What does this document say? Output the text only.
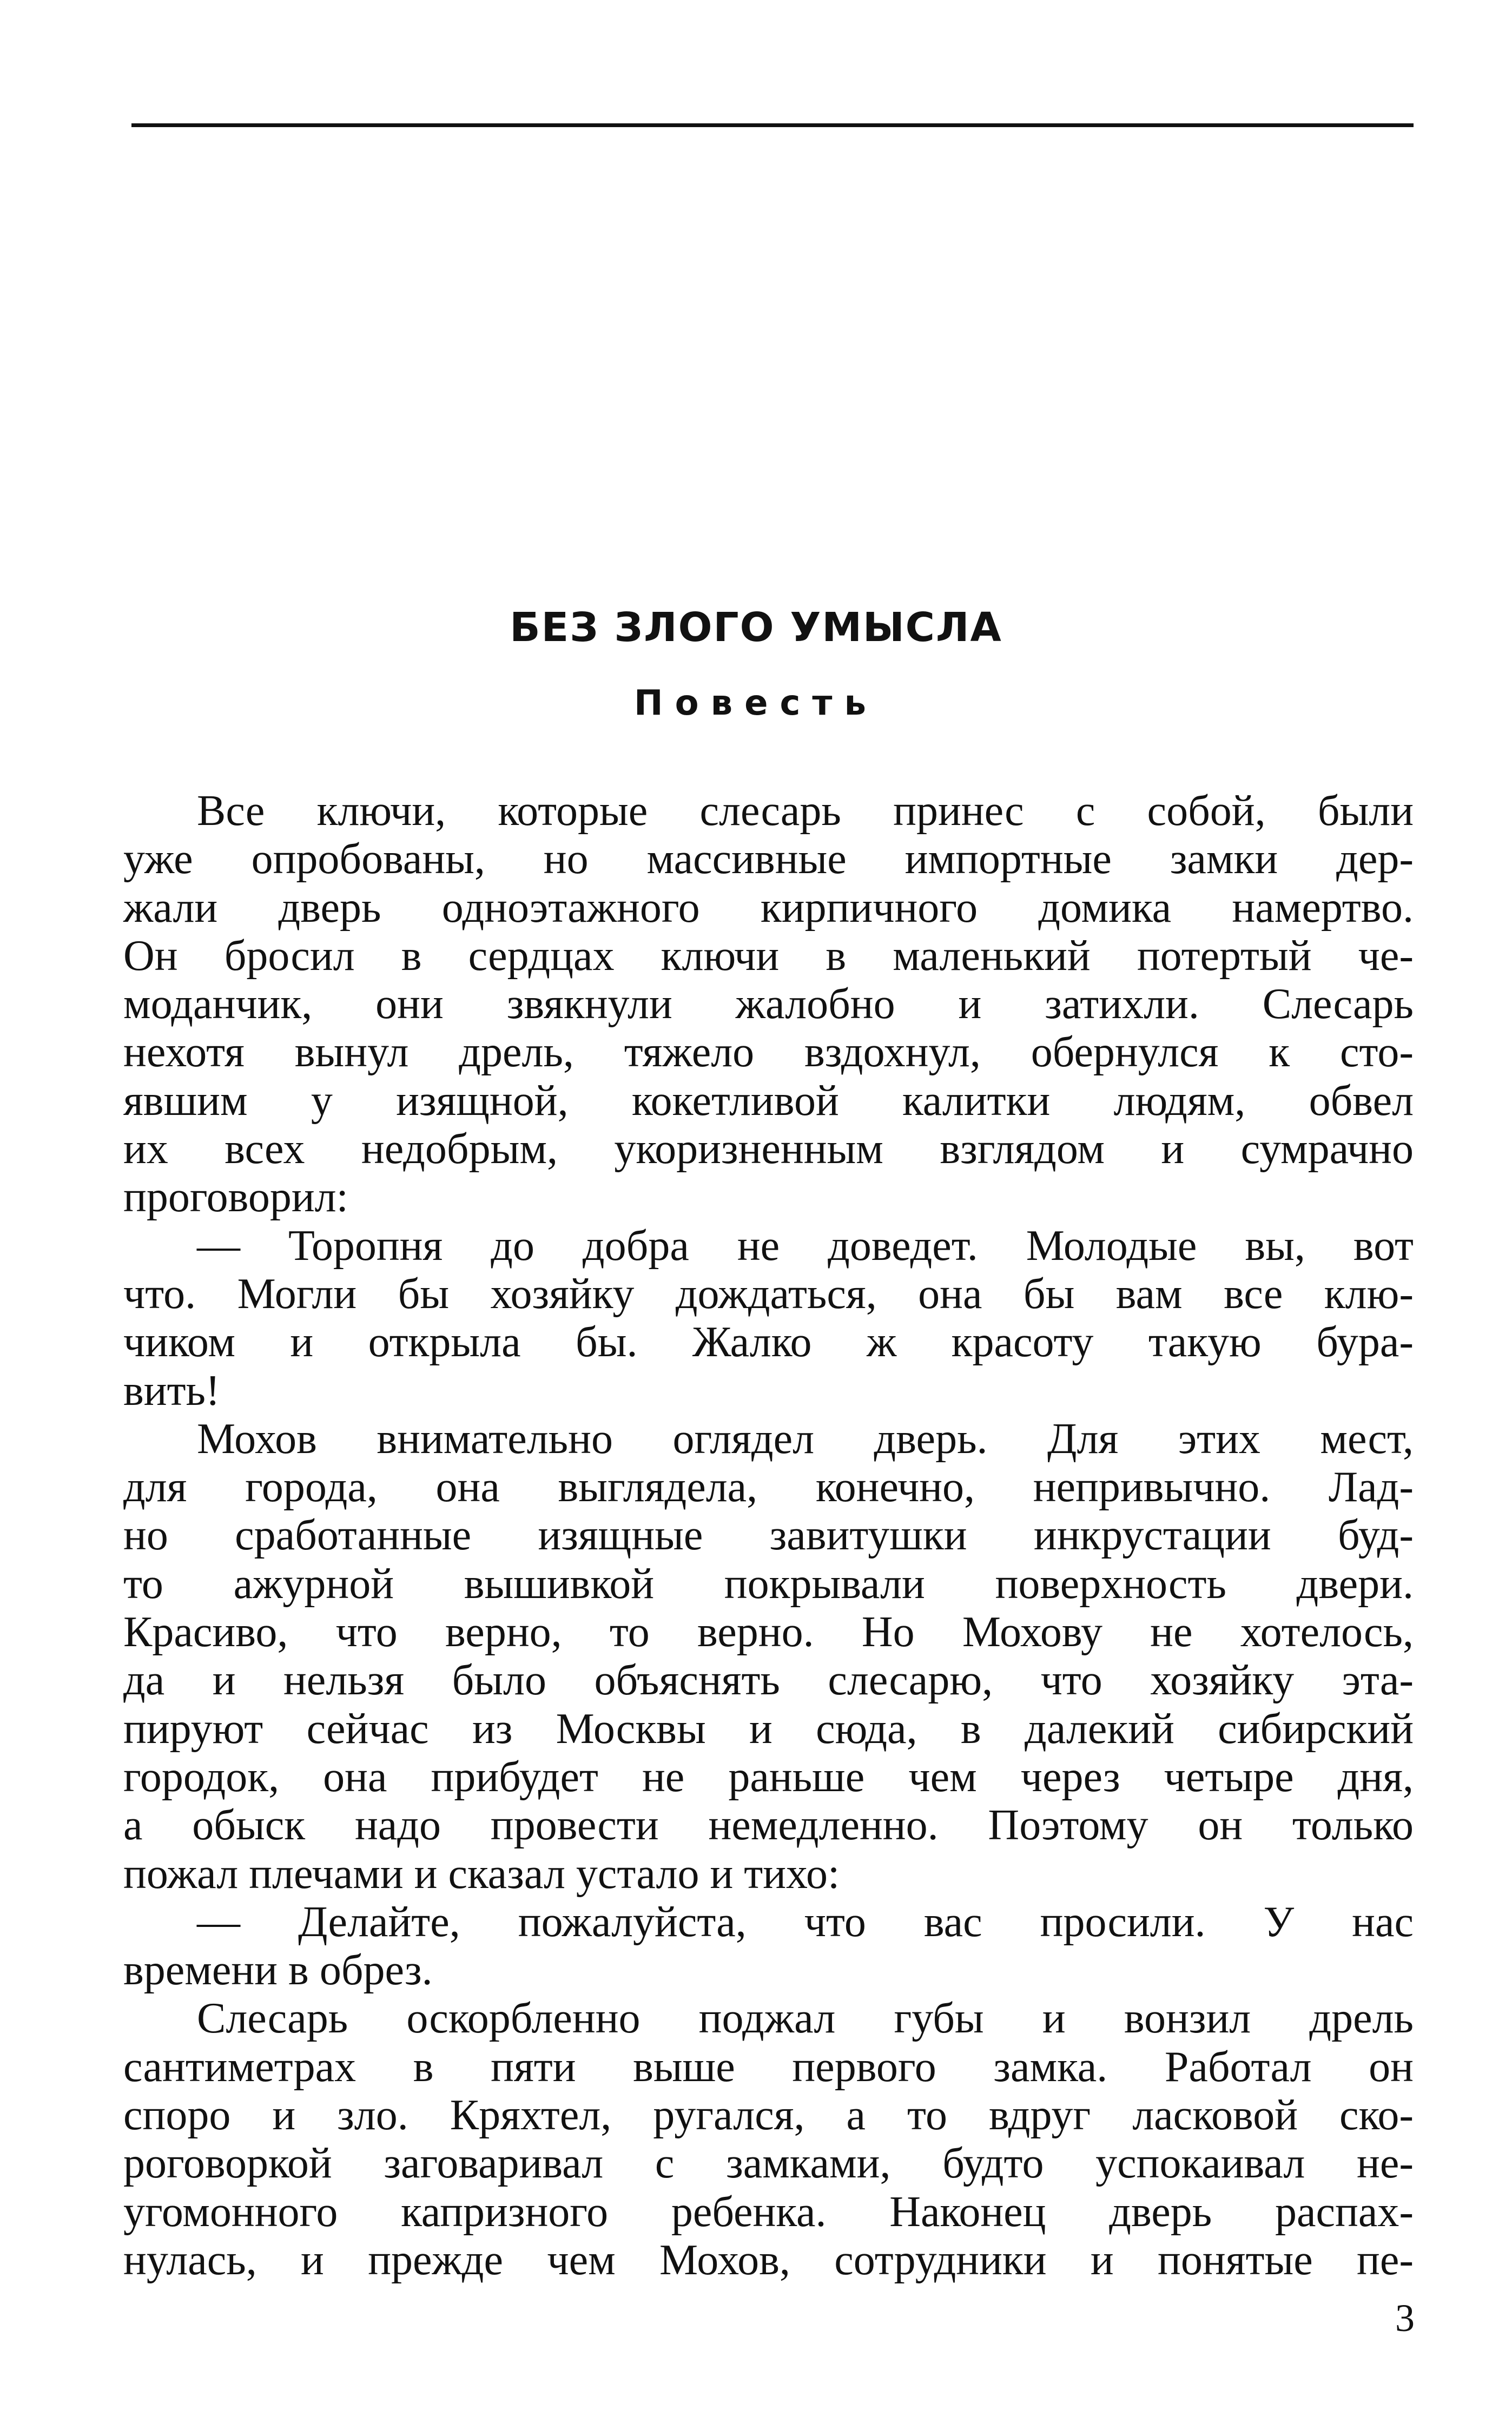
БЕЗ ЗЛОГО УМЫСЛА
Повесть
Все ключи, которые слесарь принес с собой, были
уже опробованы, но массивные импортные замки дер-
жали дверь одноэтажного кирпичного домика намертво.
Он бросил в сердцах ключи в маленький потертый че-
моданчик, они звякнули жалобно и затихли. Слесарь
нехотя вынул дрель, тяжело вздохнул, обернулся к сто-
явшим у изящной, кокетливой калитки людям, обвел
их всех недобрым, укоризненным взглядом и сумрачно
проговорил:
— Торопня до добра не доведет. Молодые вы, вот
что. Могли бы хозяйку дождаться, она бы вам все клю-
чиком и открыла бы. Жалко ж красоту такую бура-
вить!
Мохов внимательно оглядел дверь. Для этих мест,
для города, она выглядела, конечно, непривычно. Лад-
но сработанные изящные завитушки инкрустации буд-
то ажурной вышивкой покрывали поверхность двери.
Красиво, что верно, то верно. Но Мохову не хотелось,
да и нельзя было объяснять слесарю, что хозяйку эта-
пируют сейчас из Москвы и сюда, в далекий сибирский
городок, она прибудет не раньше чем через четыре дня,
а обыск надо провести немедленно. Поэтому он только
пожал плечами и сказал устало и тихо:
— Делайте, пожалуйста, что вас просили. У нас
времени в обрез.
Слесарь оскорбленно поджал губы и вонзил дрель
сантиметрах в пяти выше первого замка. Работал он
споро и зло. Кряхтел, ругался, а то вдруг ласковой ско-
роговоркой заговаривал с замками, будто успокаивал не-
угомонного капризного ребенка. Наконец дверь распах-
нулась, и прежде чем Мохов, сотрудники и понятые пе-
3
